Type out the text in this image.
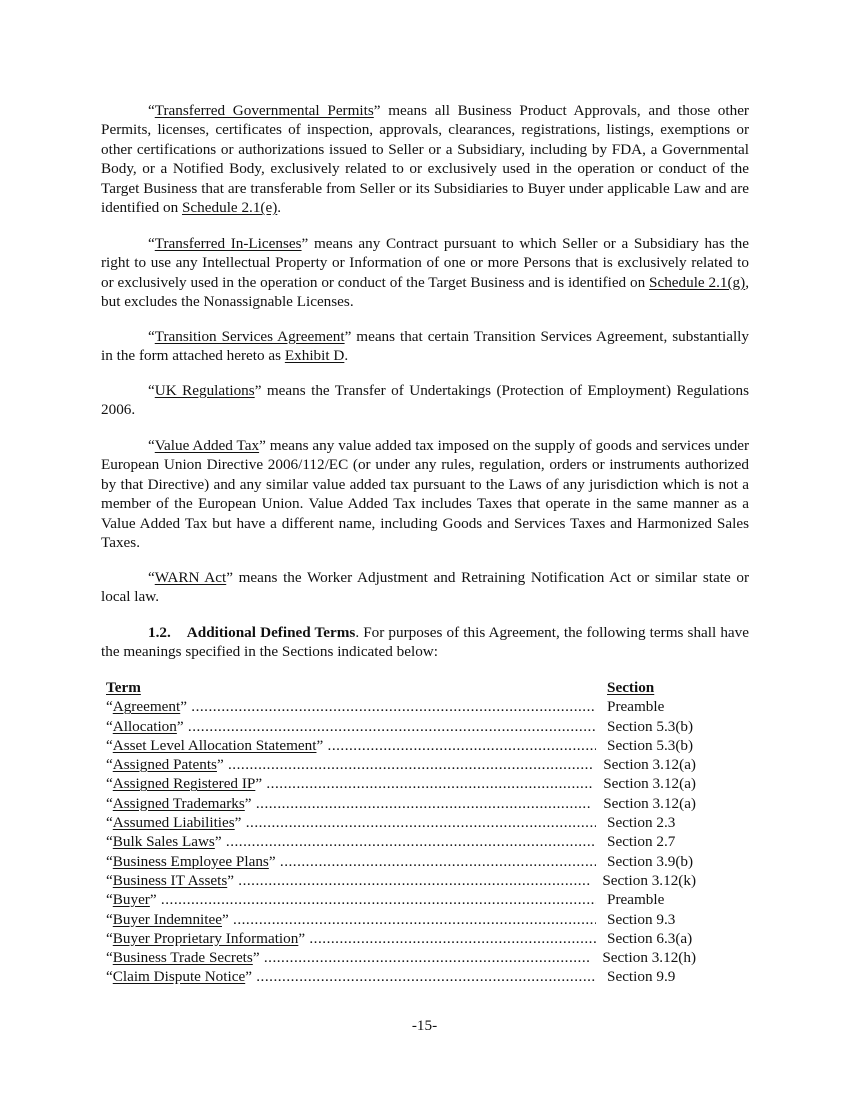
“Transferred Governmental Permits” means all Business Product Approvals, and those other Permits, licenses, certificates of inspection, approvals, clearances, registrations, listings, exemptions or other certifications or authorizations issued to Seller or a Subsidiary, including by FDA, a Governmental Body, or a Notified Body, exclusively related to or exclusively used in the operation or conduct of the Target Business that are transferable from Seller or its Subsidiaries to Buyer under applicable Law and are identified on Schedule 2.1(e).

“Transferred In-Licenses” means any Contract pursuant to which Seller or a Subsidiary has the right to use any Intellectual Property or Information of one or more Persons that is exclusively related to or exclusively used in the operation or conduct of the Target Business and is identified on Schedule 2.1(g), but excludes the Nonassignable Licenses.

“Transition Services Agreement” means that certain Transition Services Agreement, substantially in the form attached hereto as Exhibit D.

“UK Regulations” means the Transfer of Undertakings (Protection of Employment) Regulations 2006.

“Value Added Tax” means any value added tax imposed on the supply of goods and services under European Union Directive 2006/112/EC (or under any rules, regulation, orders or instruments authorized by that Directive) and any similar value added tax pursuant to the Laws of any jurisdiction which is not a member of the European Union. Value Added Tax includes Taxes that operate in the same manner as a Value Added Tax but have a different name, including Goods and Services Taxes and Harmonized Sales Taxes.

“WARN Act” means the Worker Adjustment and Retraining Notification Act or similar state or local law.

1.2. Additional Defined Terms. For purposes of this Agreement, the following terms shall have the meanings specified in the Sections indicated below:

Term	Section
“Agreement” .....	Preamble
“Allocation” .....	Section 5.3(b)
“Asset Level Allocation Statement” .....	Section 5.3(b)
“Assigned Patents” .....	Section 3.12(a)
“Assigned Registered IP” .....	Section 3.12(a)
“Assigned Trademarks” .....	Section 3.12(a)
“Assumed Liabilities” .....	Section 2.3
“Bulk Sales Laws” .....	Section 2.7
“Business Employee Plans” .....	Section 3.9(b)
“Business IT Assets” .....	Section 3.12(k)
“Buyer” .....	Preamble
“Buyer Indemnitee” .....	Section 9.3
“Buyer Proprietary Information” .....	Section 6.3(a)
“Business Trade Secrets” .....	Section 3.12(h)
“Claim Dispute Notice” .....	Section 9.9
-15-
